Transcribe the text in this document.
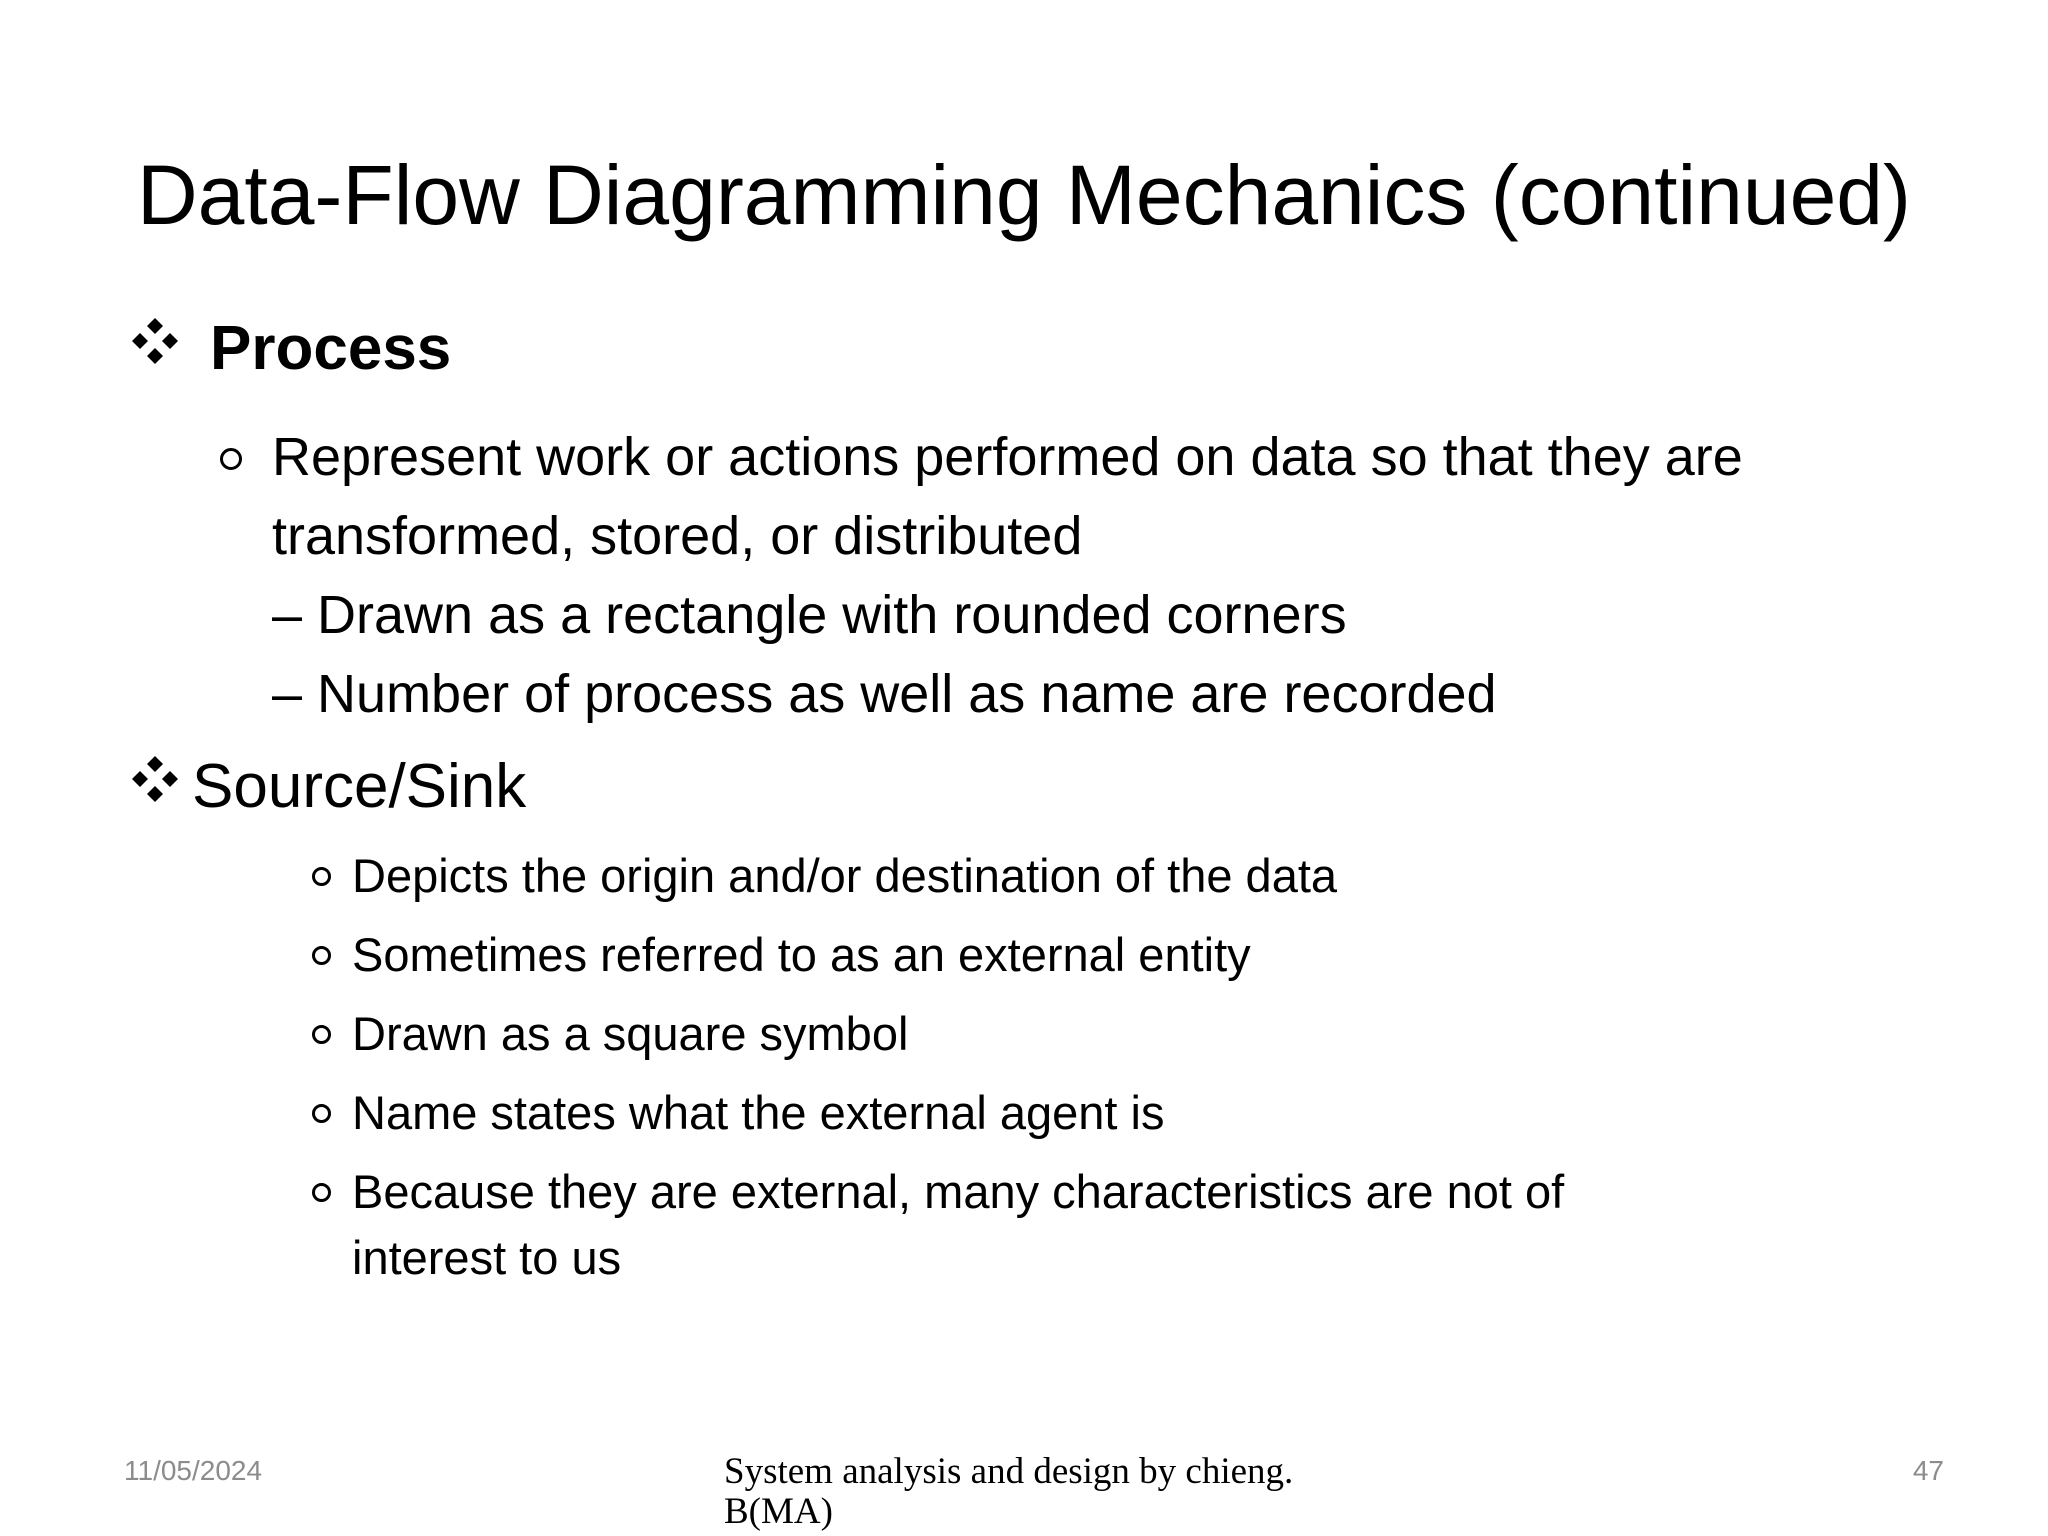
Data-Flow Diagramming Mechanics (continued)
Process
Represent work or actions performed on data so that they are transformed, stored, or distributed
– Drawn as a rectangle with rounded corners
– Number of process as well as name are recorded
Source/Sink
Depicts the origin and/or destination of the data
Sometimes referred to as an external entity
Drawn as a square symbol
Name states what the external agent is
Because they are external, many characteristics are not of
interest to us
11/05/2024	System analysis and design by chieng.
B(MA)
47
